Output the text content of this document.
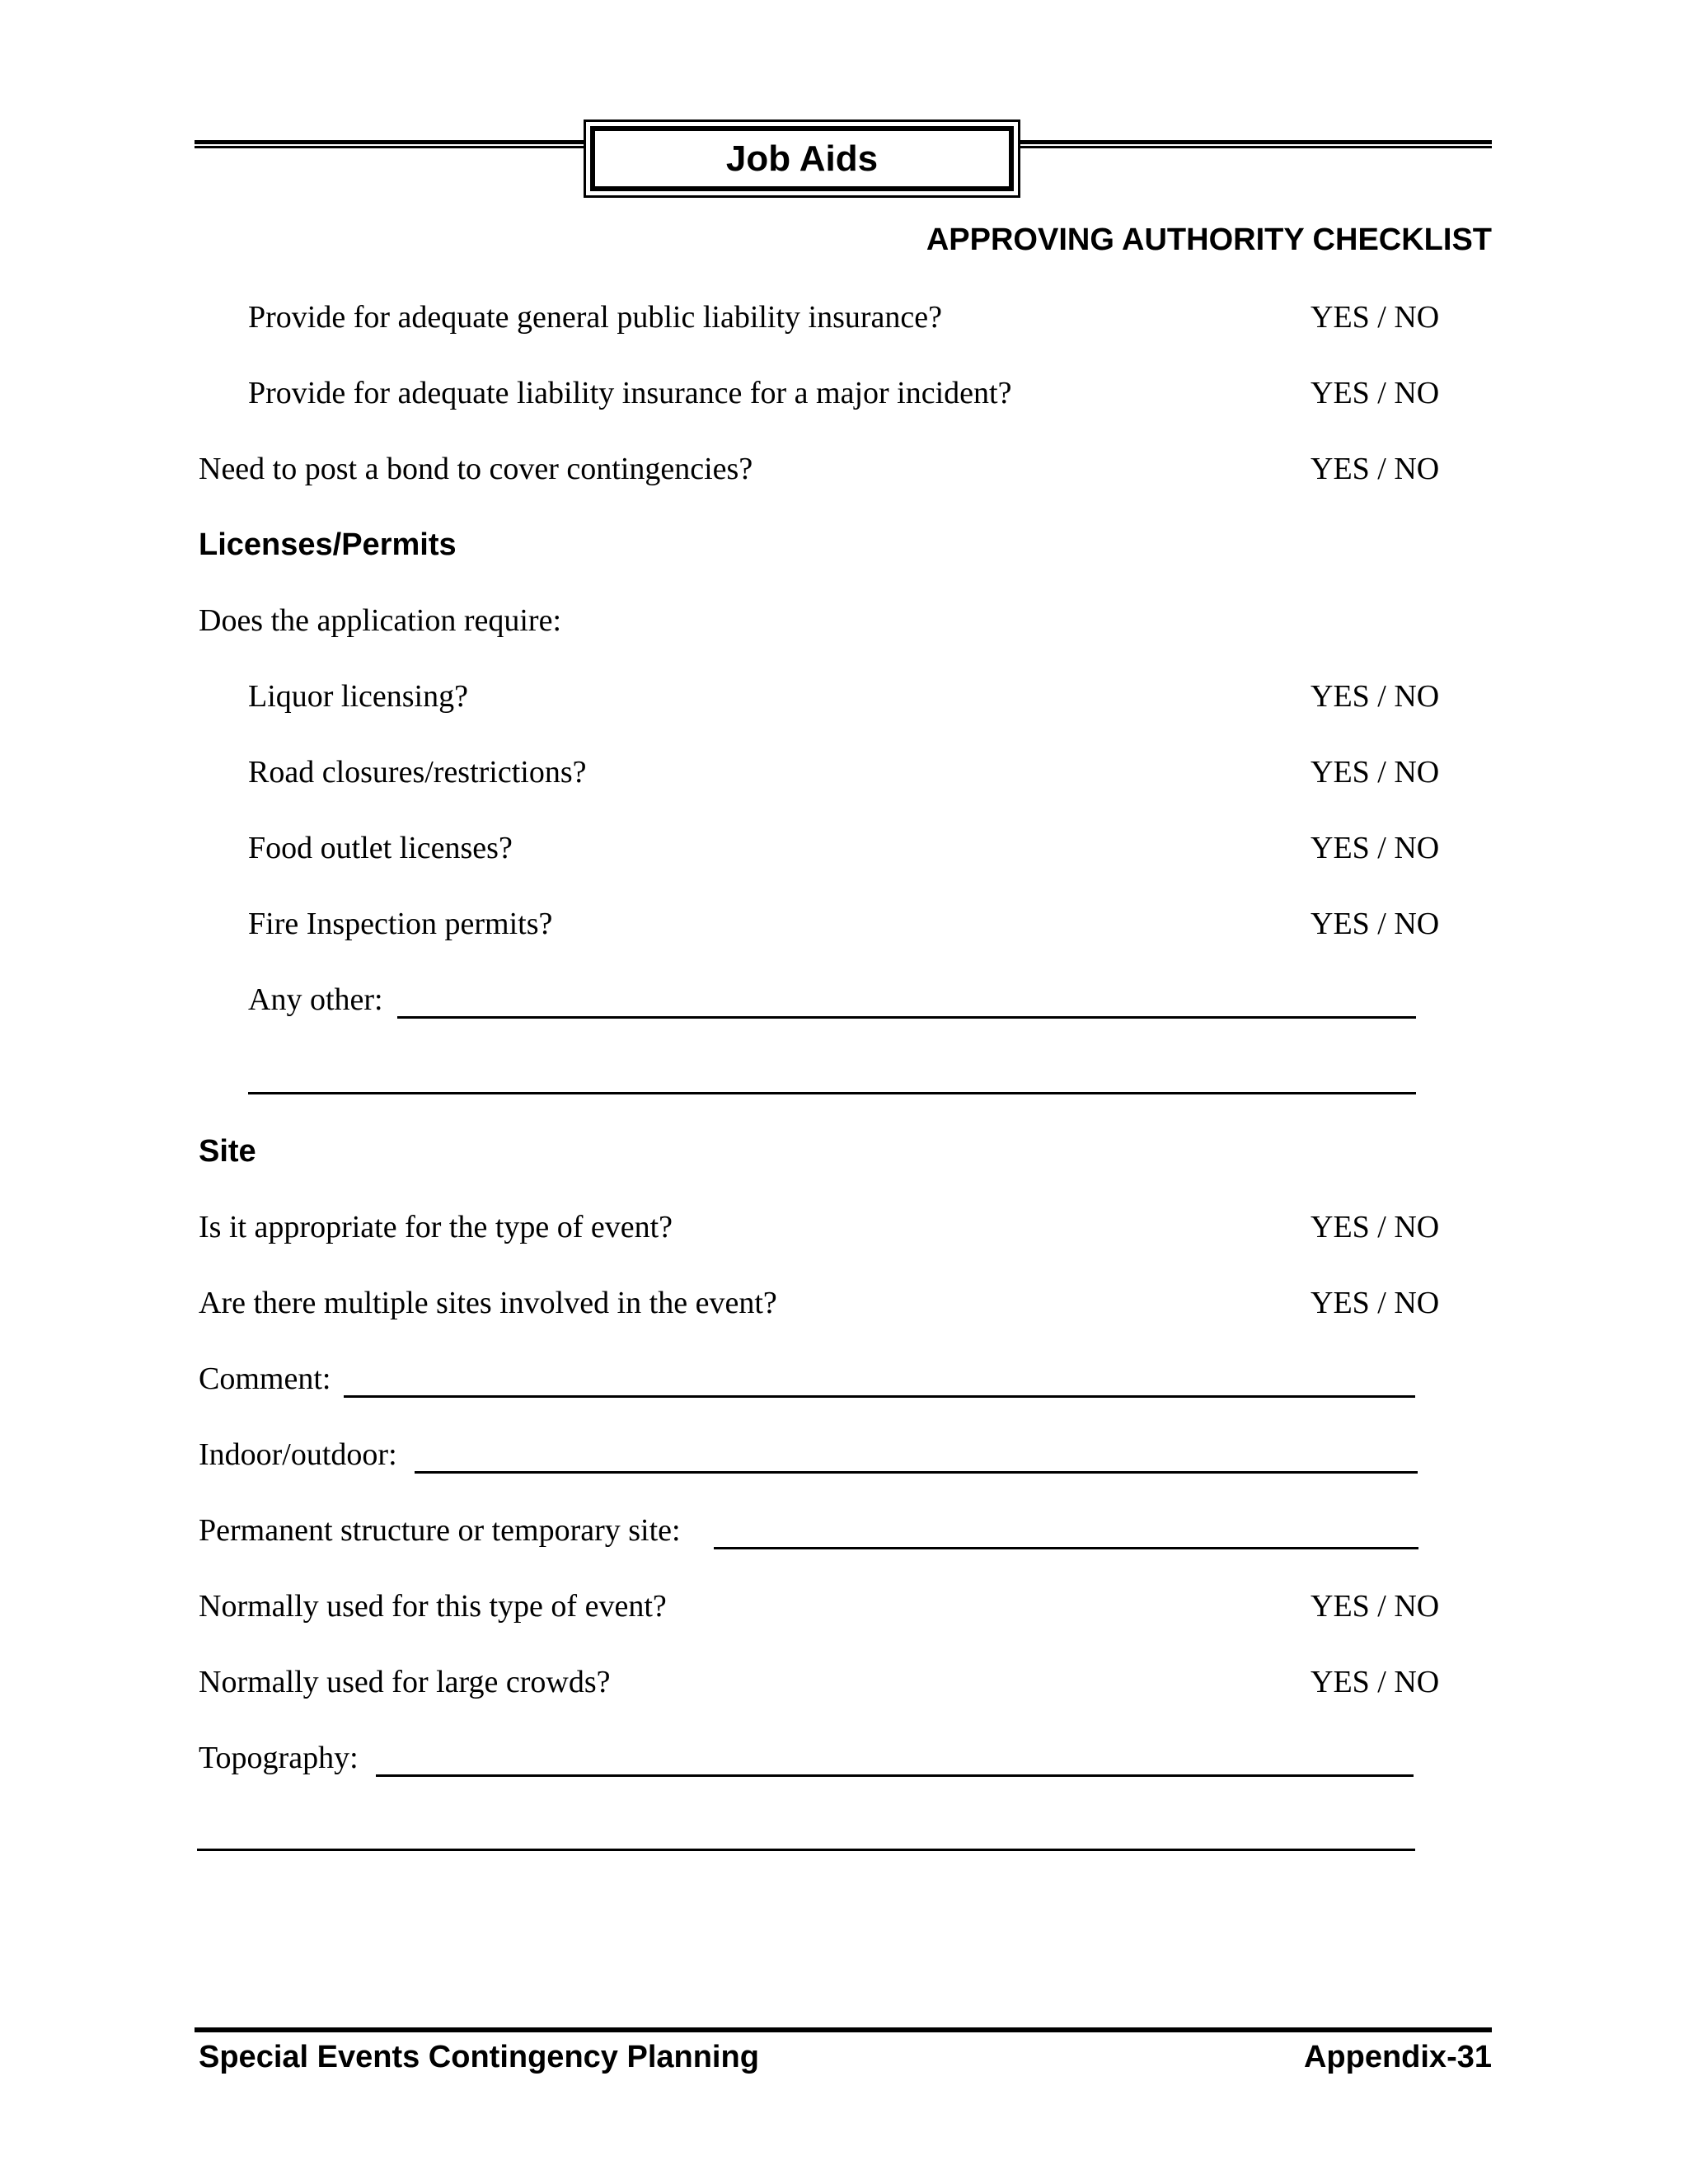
Job Aids
APPROVING AUTHORITY CHECKLIST
Provide for adequate general public liability insurance?	YES / NO
Provide for adequate liability insurance for a major incident?	YES / NO
Need to post a bond to cover contingencies?	YES / NO
Licenses/Permits
Does the application require:
Liquor licensing?	YES / NO
Road closures/restrictions?	YES / NO
Food outlet licenses?	YES / NO
Fire Inspection permits?	YES / NO
Any other:
Site
Is it appropriate for the type of event?	YES / NO
Are there multiple sites involved in the event?	YES / NO
Comment:
Indoor/outdoor:
Permanent structure or temporary site:
Normally used for this type of event?	YES / NO
Normally used for large crowds?	YES / NO
Topography:
Special Events Contingency Planning	Appendix-31
